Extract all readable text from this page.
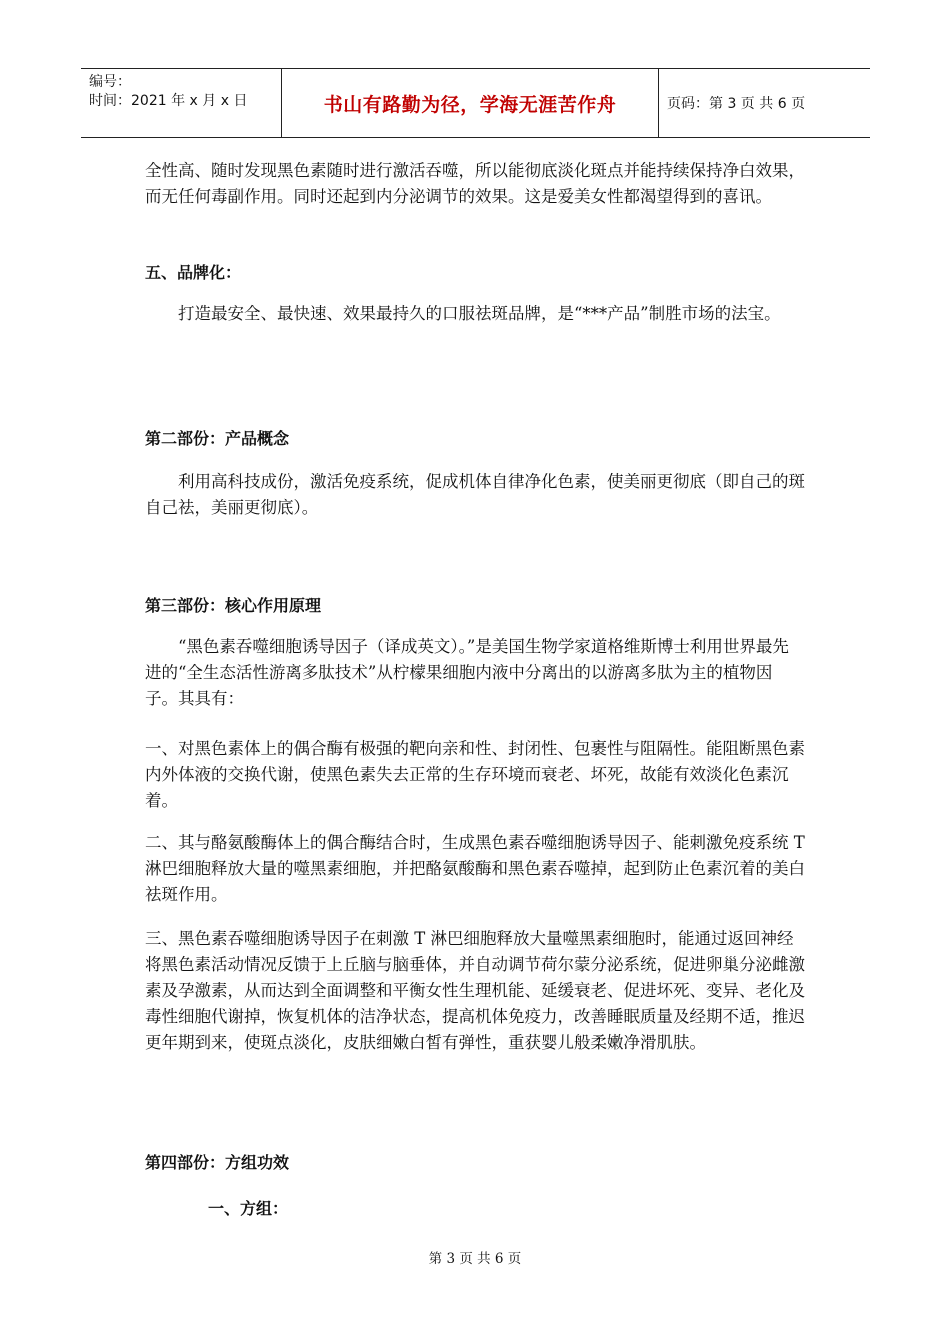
编号：
时间：2021 年 x 月 x 日	书山有路勤为径，学海无涯苦作舟	页码：第 3 页 共 6 页

全性高、随时发现黑色素随时进行激活吞噬，所以能彻底淡化斑点并能持续保持净白效果，而无任何毒副作用。同时还起到内分泌调节的效果。这是爱美女性都渴望得到的喜讯。

五、品牌化：

打造最安全、最快速、效果最持久的口服祛斑品牌，是“***产品”制胜市场的法宝。

第二部份：产品概念

利用高科技成份，激活免疫系统，促成机体自律净化色素，使美丽更彻底（即自己的斑自己祛，美丽更彻底）。

第三部份：核心作用原理

“黑色素吞噬细胞诱导因子（译成英文）。”是美国生物学家道格维斯博士利用世界最先进的“全生态活性游离多肽技术”从柠檬果细胞内液中分离出的以游离多肽为主的植物因子。其具有：

一、对黑色素体上的偶合酶有极强的靶向亲和性、封闭性、包裹性与阻隔性。能阻断黑色素内外体液的交换代谢，使黑色素失去正常的生存环境而衰老、坏死，故能有效淡化色素沉着。

二、其与酪氨酸酶体上的偶合酶结合时，生成黑色素吞噬细胞诱导因子、能刺激免疫系统 T 淋巴细胞释放大量的噬黑素细胞，并把酪氨酸酶和黑色素吞噬掉，起到防止色素沉着的美白祛斑作用。

三、黑色素吞噬细胞诱导因子在刺激 T 淋巴细胞释放大量噬黑素细胞时，能通过返回神经将黑色素活动情况反馈于上丘脑与脑垂体，并自动调节荷尔蒙分泌系统，促进卵巢分泌雌激素及孕激素，从而达到全面调整和平衡女性生理机能、延缓衰老、促进坏死、变异、老化及毒性细胞代谢掉，恢复机体的洁净状态，提高机体免疫力，改善睡眠质量及经期不适，推迟更年期到来，使斑点淡化，皮肤细嫩白皙有弹性，重获婴儿般柔嫩净滑肌肤。

第四部份：方组功效
一、方组：
第 3 页 共 6 页
